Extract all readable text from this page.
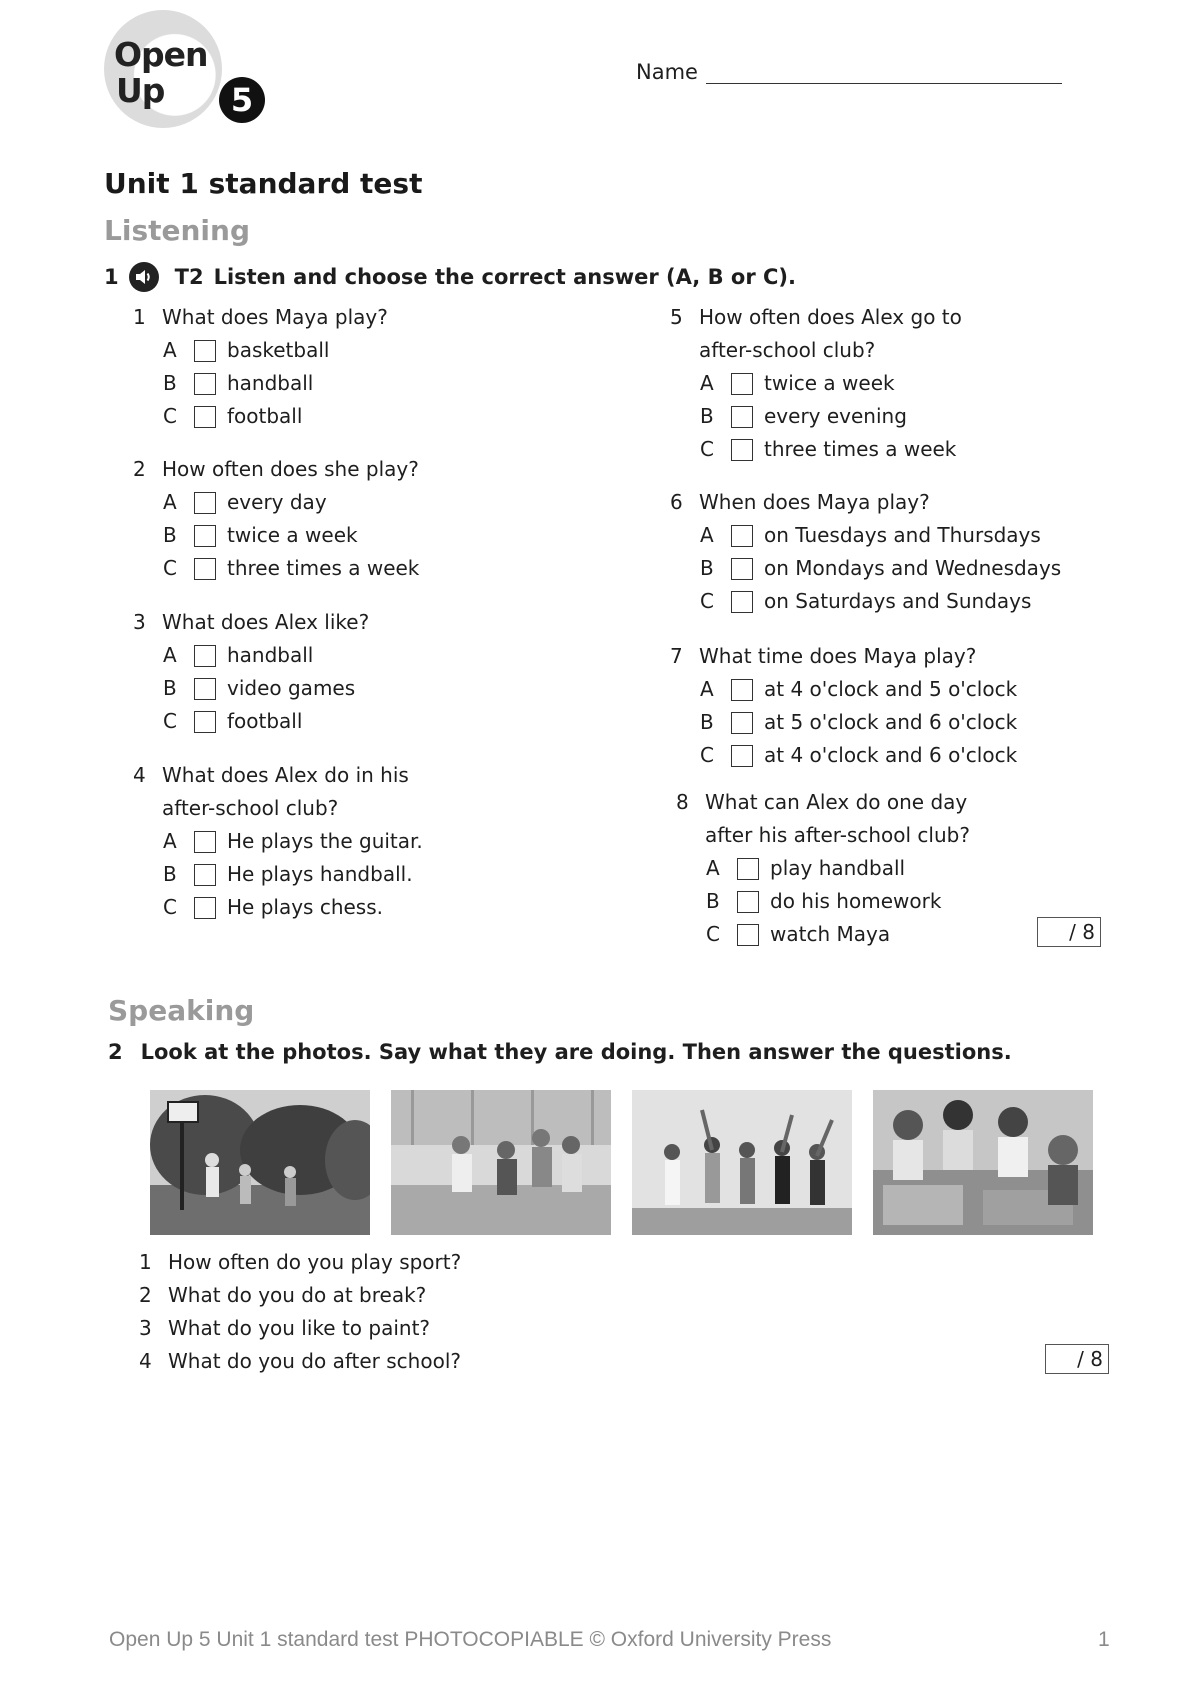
Open
Up	5
Name
Unit 1 standard test
Listening
1	T2 Listen and choose the correct answer (A, B or C).
1 What does Maya play?
A	basketball
B	handball
C	football
2 How often does she play?
A	every day
B	twice a week
C	three times a week
3 What does Alex like?
A	handball
B	video games
C	football
4 What does Alex do in his
after-school club?
A	He plays the guitar.
B	He plays handball.
C	He plays chess.
5 How often does Alex go to
after-school club?
A	twice a week
B	every evening
C	three times a week
6 When does Maya play?
A	on Tuesdays and Thursdays
B	on Mondays and Wednesdays
C	on Saturdays and Sundays
7 What time does Maya play?
A	at 4 o'clock and 5 o'clock
B	at 5 o'clock and 6 o'clock
C	at 4 o'clock and 6 o'clock
8 What can Alex do one day
after his after-school club?
A	play handball
B	do his homework
C	watch Maya	/ 8
Speaking
2 Look at the photos. Say what they are doing. Then answer the questions.
1 How often do you play sport?
2 What do you do at break?
3 What do you like to paint?
4 What do you do after school?	/ 8
Open Up 5 Unit 1 standard test PHOTOCOPIABLE © Oxford University Press	1
